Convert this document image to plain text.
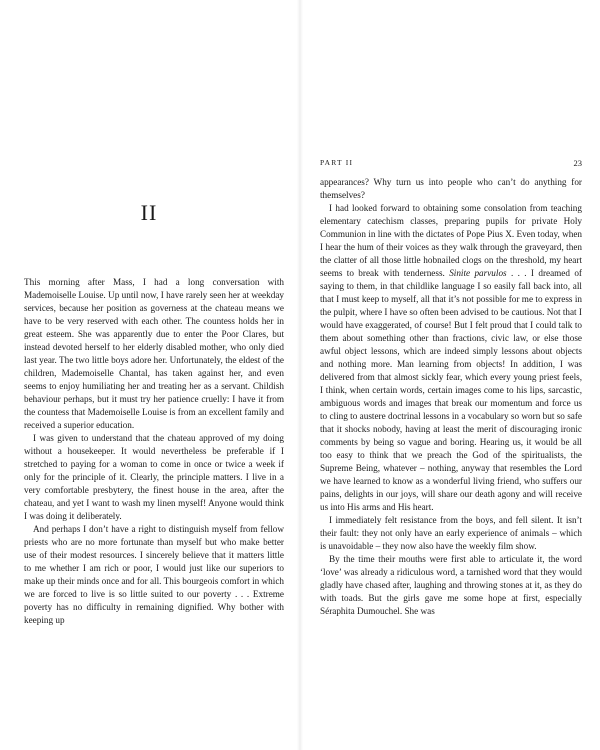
II

This morning after Mass, I had a long conversation with Mademoiselle Louise. Up until now, I have rarely seen her at weekday services, because her position as governess at the chateau means we have to be very reserved with each other. The countess holds her in great esteem. She was apparently due to enter the Poor Clares, but instead devoted herself to her elderly disabled mother, who only died last year. The two little boys adore her. Unfortunately, the eldest of the children, Mademoiselle Chantal, has taken against her, and even seems to enjoy humiliating her and treating her as a servant. Childish behaviour perhaps, but it must try her patience cruelly: I have it from the countess that Mademoiselle Louise is from an excellent family and received a superior education.

I was given to understand that the chateau approved of my doing without a housekeeper. It would nevertheless be preferable if I stretched to paying for a woman to come in once or twice a week if only for the principle of it. Clearly, the principle matters. I live in a very comfortable presbytery, the finest house in the area, after the chateau, and yet I want to wash my linen myself! Anyone would think I was doing it deliberately.

And perhaps I don’t have a right to distinguish myself from fellow priests who are no more fortunate than myself but who make better use of their modest resources. I sincerely believe that it matters little to me whether I am rich or poor, I would just like our superiors to make up their minds once and for all. This bourgeois comfort in which we are forced to live is so little suited to our poverty . . . Extreme poverty has no difficulty in remaining dignified. Why bother with keeping up

PART II	23

appearances? Why turn us into people who can’t do anything for themselves?

I had looked forward to obtaining some consolation from teaching elementary catechism classes, preparing pupils for private Holy Communion in line with the dictates of Pope Pius X. Even today, when I hear the hum of their voices as they walk through the graveyard, then the clatter of all those little hobnailed clogs on the threshold, my heart seems to break with tenderness. Sinite parvulos . . . I dreamed of saying to them, in that childlike language I so easily fall back into, all that I must keep to myself, all that it’s not possible for me to express in the pulpit, where I have so often been advised to be cautious. Not that I would have exaggerated, of course! But I felt proud that I could talk to them about something other than fractions, civic law, or else those awful object lessons, which are indeed simply lessons about objects and nothing more. Man learning from objects! In addition, I was delivered from that almost sickly fear, which every young priest feels, I think, when certain words, certain images come to his lips, sarcastic, ambiguous words and images that break our momentum and force us to cling to austere doctrinal lessons in a vocabulary so worn but so safe that it shocks nobody, having at least the merit of discouraging ironic comments by being so vague and boring. Hearing us, it would be all too easy to think that we preach the God of the spiritualists, the Supreme Being, whatever – nothing, anyway that resembles the Lord we have learned to know as a wonderful living friend, who suffers our pains, delights in our joys, will share our death agony and will receive us into His arms and His heart.

I immediately felt resistance from the boys, and fell silent. It isn’t their fault: they not only have an early experience of animals – which is unavoidable – they now also have the weekly film show.

By the time their mouths were first able to articulate it, the word ‘love’ was already a ridiculous word, a tarnished word that they would gladly have chased after, laughing and throwing stones at it, as they do with toads. But the girls gave me some hope at first, especially Séraphita Dumouchel. She was
